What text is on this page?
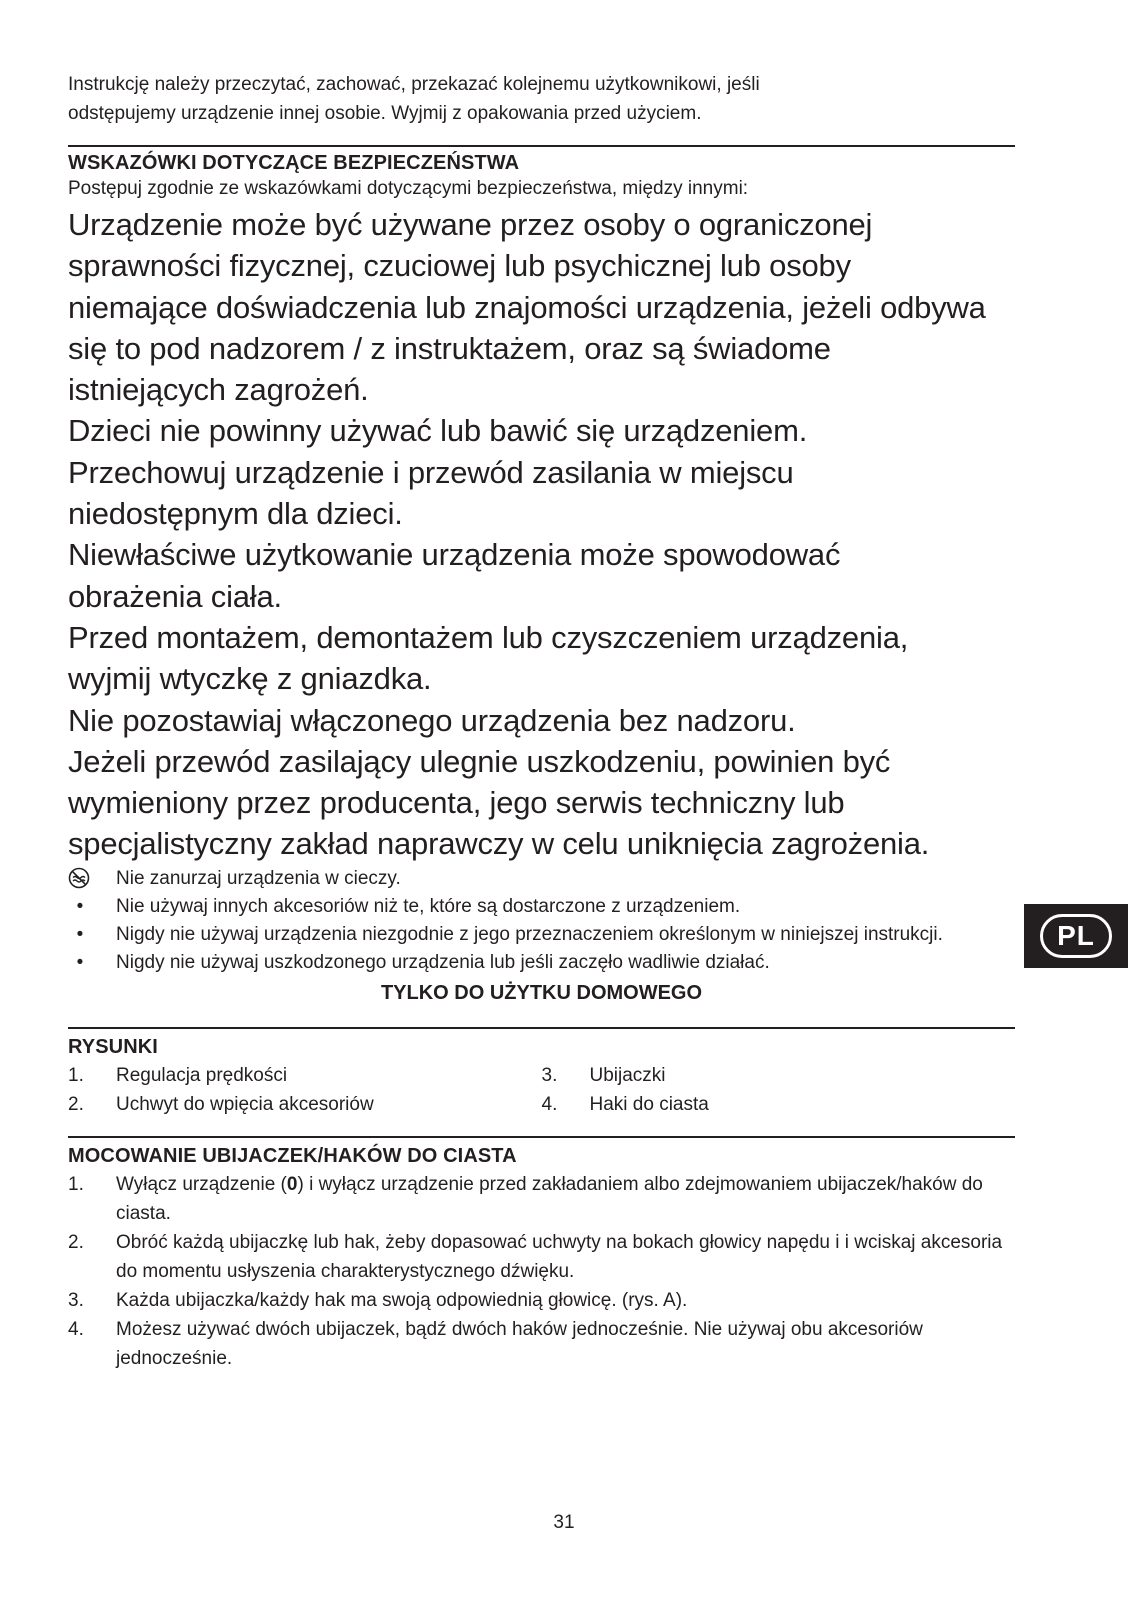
Instrukcję należy przeczytać, zachować, przekazać kolejnemu użytkownikowi, jeśli
odstępujemy urządzenie innej osobie. Wyjmij z opakowania przed użyciem.

WSKAZÓWKI DOTYCZĄCE BEZPIECZEŃSTWA

Postępuj zgodnie ze wskazówkami dotyczącymi bezpieczeństwa, między innymi:

Urządzenie może być używane przez osoby o ograniczonej

sprawności fizycznej, czuciowej lub psychicznej lub osoby

niemające doświadczenia lub znajomości urządzenia, jeżeli odbywa

się to pod nadzorem / z instruktażem, oraz są świadome

istniejących zagrożeń.

Dzieci nie powinny używać lub bawić się urządzeniem.

Przechowuj urządzenie i przewód zasilania w miejscu

niedostępnym dla dzieci.

Niewłaściwe użytkowanie urządzenia może spowodować

obrażenia ciała.

Przed montażem, demontażem lub czyszczeniem urządzenia,

wyjmij wtyczkę z gniazdka.

Nie pozostawiaj włączonego urządzenia bez nadzoru.

Jeżeli przewód zasilający ulegnie uszkodzeniu, powinien być

wymieniony przez producenta, jego serwis techniczny lub

specjalistyczny zakład naprawczy w celu uniknięcia zagrożenia.

Nie zanurzaj urządzenia w cieczy.
•	Nie używaj innych akcesoriów niż te, które są dostarczone z urządzeniem.
•	Nigdy nie używaj urządzenia niezgodnie z jego przeznaczeniem określonym w niniejszej instrukcji.
•	Nigdy nie używaj uszkodzonego urządzenia lub jeśli zaczęło wadliwie działać.

TYLKO DO UŻYTKU DOMOWEGO

RYSUNKI
1. Regulacja prędkości
2. Uchwyt do wpięcia akcesoriów
3. Ubijaczki
4. Haki do ciasta
MOCOWANIE UBIJACZEK/HAKÓW DO CIASTA
1. Wyłącz urządzenie (0) i wyłącz urządzenie przed zakładaniem albo zdejmowaniem ubijaczek/haków do ciasta.
2. Obróć każdą ubijaczkę lub hak, żeby dopasować uchwyty na bokach głowicy napędu i i wciskaj akcesoria do momentu usłyszenia charakterystycznego dźwięku.
3. Każda ubijaczka/każdy hak ma swoją odpowiednią głowicę. (rys. A).
4. Możesz używać dwóch ubijaczek, bądź dwóch haków jednocześnie. Nie używaj obu akcesoriów jednocześnie.
PL
31
